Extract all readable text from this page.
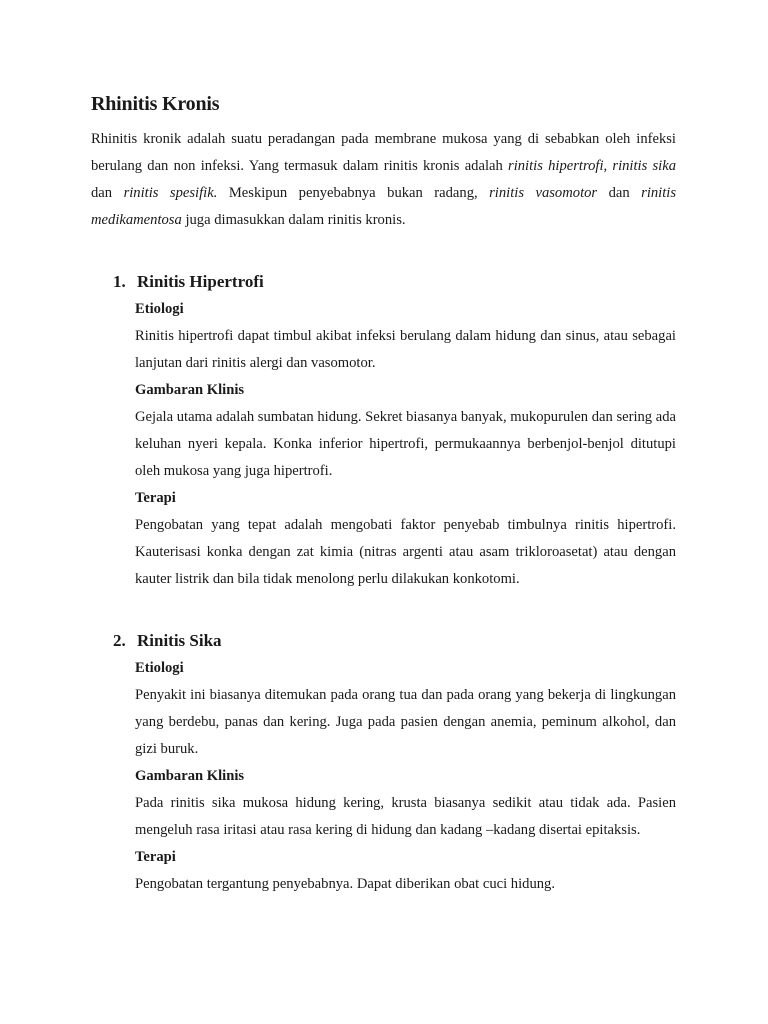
Rhinitis Kronis

Rhinitis kronik adalah suatu peradangan pada membrane mukosa yang di sebabkan oleh infeksi berulang dan non infeksi. Yang termasuk dalam rinitis kronis adalah rinitis hipertrofi, rinitis sika dan rinitis spesifik. Meskipun penyebabnya bukan radang, rinitis vasomotor dan rinitis medikamentosa juga dimasukkan dalam rinitis kronis.

1. Rinitis Hipertrofi
Etiologi

Rinitis hipertrofi dapat timbul akibat infeksi berulang dalam hidung dan sinus, atau sebagai lanjutan dari rinitis alergi dan vasomotor.

Gambaran Klinis

Gejala utama adalah sumbatan hidung. Sekret biasanya banyak, mukopurulen dan sering ada keluhan nyeri kepala. Konka inferior hipertrofi, permukaannya berbenjol-benjol ditutupi oleh mukosa yang juga hipertrofi.

Terapi

Pengobatan yang tepat adalah mengobati faktor penyebab timbulnya rinitis hipertrofi. Kauterisasi konka dengan zat kimia (nitras argenti atau asam trikloroasetat) atau dengan kauter listrik dan bila tidak menolong perlu dilakukan konkotomi.

2. Rinitis Sika
Etiologi

Penyakit ini biasanya ditemukan pada orang tua dan pada orang yang bekerja di lingkungan yang berdebu, panas dan kering. Juga pada pasien dengan anemia, peminum alkohol, dan gizi buruk.

Gambaran Klinis

Pada rinitis sika mukosa hidung kering, krusta biasanya sedikit atau tidak ada. Pasien mengeluh rasa iritasi atau rasa kering di hidung dan kadang –kadang disertai epitaksis.

Terapi

Pengobatan tergantung penyebabnya. Dapat diberikan obat cuci hidung.
